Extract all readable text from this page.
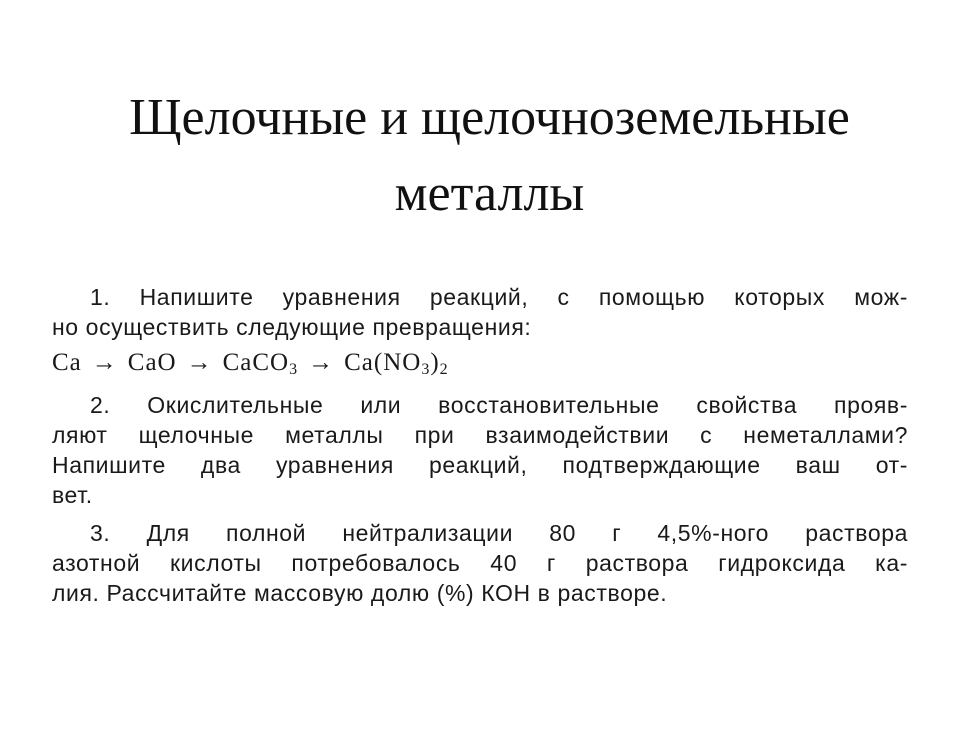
Щелочные и щелочноземельные
металлы
1. Напишите уравнения реакций, с помощью которых мож-
но осуществить следующие превращения:
Ca → CaO → CaCO$_3$ → $Ca(NO_3)_2$
2. Окислительные или восстановительные свойства прояв-
ляют щелочные металлы при взаимодействии с неметаллами?
Напишите два уравнения реакций, подтверждающие ваш от-
вет.
3. Для полной нейтрализации 80 г 4,5%-ного раствора
азотной кислоты потребовалось 40 г раствора гидроксида ка-
лия. Рассчитайте массовую долю (%) КОН в растворе.
